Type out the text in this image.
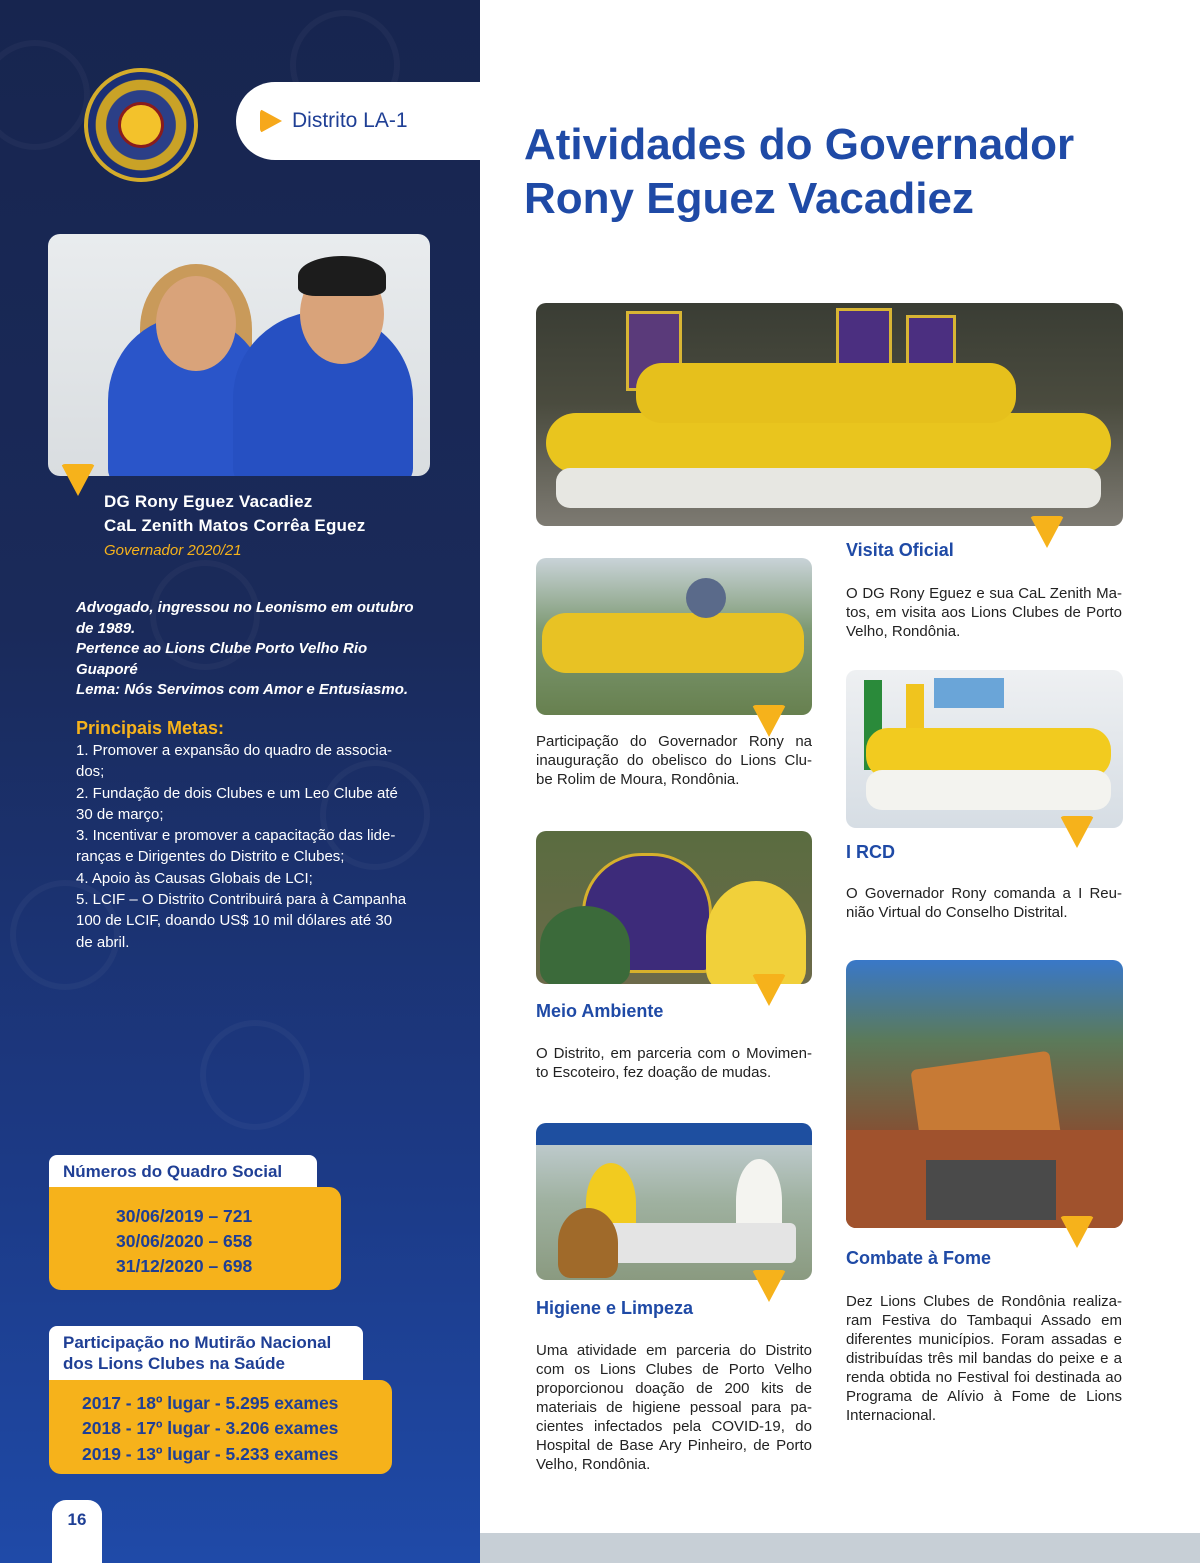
Distrito LA-1
DG Rony Eguez Vacadiez
CaL Zenith Matos Corrêa Eguez
Governador 2020/21
Advogado, ingressou no Leonismo em outubro
de 1989.
Pertence ao Lions Clube Porto Velho Rio
Guaporé
Lema: Nós Servimos com Amor e Entusiasmo.
Principais Metas:
1. Promover a expansão do quadro de associa-
dos;
2. Fundação de dois Clubes e um Leo Clube até
30 de março;
3. Incentivar e promover a capacitação das lide-
ranças e Dirigentes do Distrito e Clubes;
4. Apoio às Causas Globais de LCI;
5. LCIF – O Distrito Contribuirá para à Campanha
100 de LCIF, doando US$ 10 mil dólares até 30
de abril.
Números do Quadro Social
30/06/2019 – 721
30/06/2020 – 658
31/12/2020 – 698
Participação no Mutirão Nacional
dos Lions Clubes na Saúde
2017 - 18º lugar - 5.295 exames
2018 - 17º lugar - 3.206 exames
2019 - 13º lugar - 5.233 exames
16
Atividades do Governador
Rony Eguez Vacadiez
Visita Oficial
O DG Rony Eguez e sua CaL Zenith Ma- tos, em visita aos Lions Clubes de Porto Velho, Rondônia.
Participação do Governador Rony na inauguração do obelisco do Lions Clu- be Rolim de Moura, Rondônia.
I RCD
O Governador Rony comanda a I Reu- nião Virtual do Conselho Distrital.
Meio Ambiente
O Distrito, em parceria com o Movimen- to Escoteiro, fez doação de mudas.
Combate à Fome
Dez Lions Clubes de Rondônia realiza- ram Festiva do Tambaqui Assado em diferentes municípios. Foram assadas e distribuídas três mil bandas do peixe e a renda obtida no Festival foi destinada ao Programa de Alívio à Fome de Lions Internacional.
Higiene e Limpeza
Uma atividade em parceria do Distrito com os Lions Clubes de Porto Velho proporcionou doação de 200 kits de materiais de higiene pessoal para pa- cientes infectados pela COVID-19, do Hospital de Base Ary Pinheiro, de Porto Velho, Rondônia.
